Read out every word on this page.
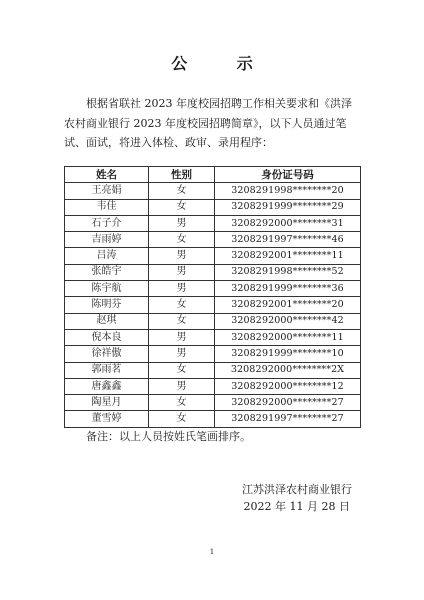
公 示

根据省联社 2023 年度校园招聘工作相关要求和《洪泽农村商业银行 2023 年度校园招聘简章》，以下人员通过笔试、面试，将进入体检、政审、录用程序：

姓名	性别	身份证号码
王亮娟	女	3208291998********20
韦佳	女	3208291999********29
石子介	男	3208292000********31
吉雨婷	女	3208291997********46
吕涛	男	3208292001********11
张皓宇	男	3208291998********52
陈宇航	男	3208291999********36
陈明芬	女	3208292001********20
赵琪	女	3208292000********42
倪本良	男	3208292000********11
徐祥傲	男	3208291999********10
郭雨茗	女	3208292000********2X
唐鑫鑫	男	3208292000********12
陶星月	女	3208292000********27
董雪婷	女	3208291997********27
备注：以上人员按姓氏笔画排序。
江苏洪泽农村商业银行
2022 年 11 月 28 日
1
